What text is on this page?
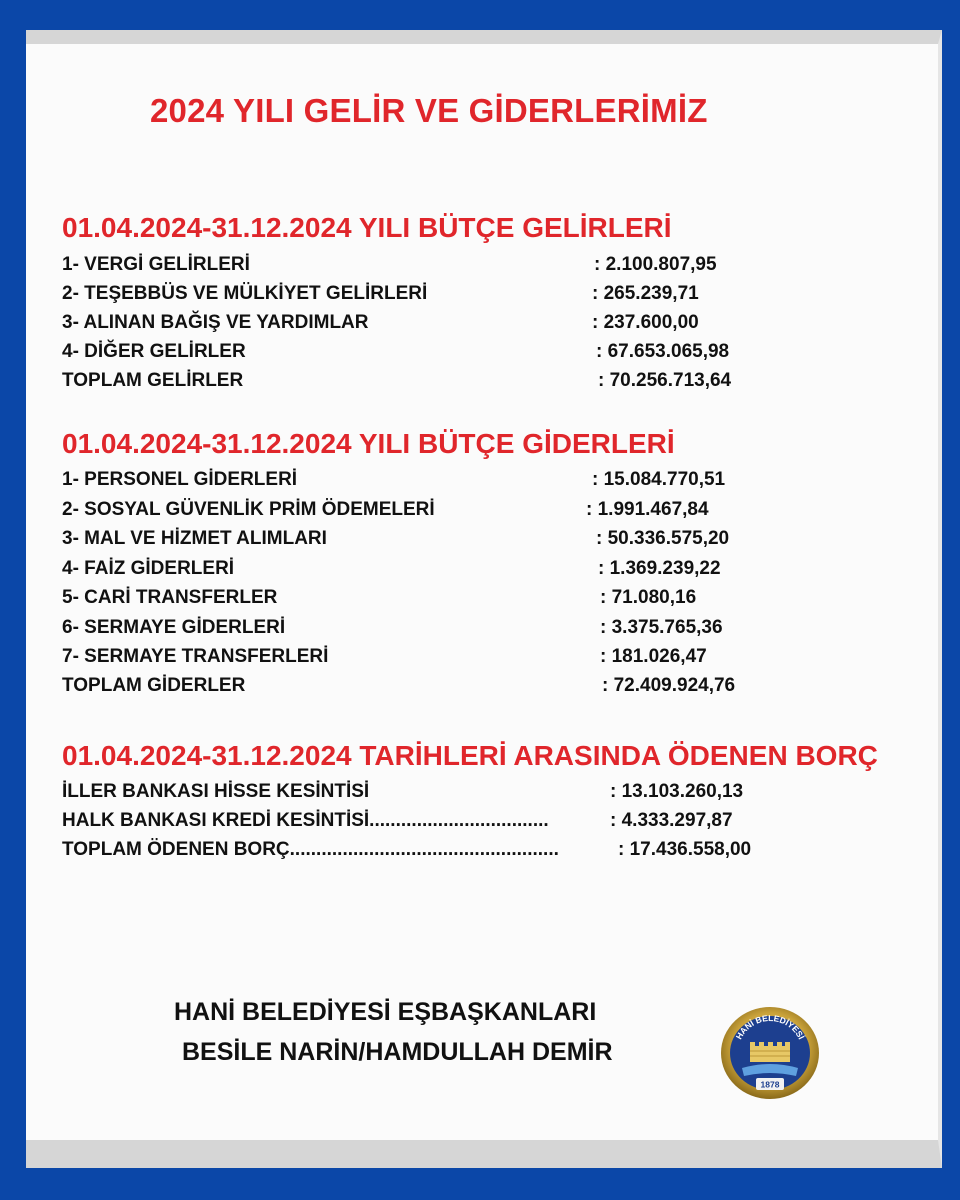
2024 YILI GELİR VE GİDERLERİMİZ
01.04.2024-31.12.2024 YILI BÜTÇE GELİRLERİ
1- VERGİ GELİRLERİ	: 2.100.807,95
2- TEŞEBBÜS VE MÜLKİYET GELİRLERİ	: 265.239,71
3- ALINAN BAĞIŞ VE YARDIMLAR	: 237.600,00
4- DİĞER GELİRLER	: 67.653.065,98
TOPLAM GELİRLER	: 70.256.713,64
01.04.2024-31.12.2024 YILI BÜTÇE GİDERLERİ
1- PERSONEL GİDERLERİ	: 15.084.770,51
2- SOSYAL GÜVENLİK PRİM ÖDEMELERİ	: 1.991.467,84
3- MAL VE HİZMET ALIMLARI	: 50.336.575,20
4- FAİZ GİDERLERİ	: 1.369.239,22
5- CARİ TRANSFERLER	: 71.080,16
6- SERMAYE GİDERLERİ	: 3.375.765,36
7- SERMAYE TRANSFERLERİ	: 181.026,47
TOPLAM GİDERLER	: 72.409.924,76
01.04.2024-31.12.2024 TARİHLERİ ARASINDA ÖDENEN BORÇ
İLLER BANKASI HİSSE KESİNTİSİ	: 13.103.260,13
HALK BANKASI KREDİ KESİNTİSİ..................................	: 4.333.297,87
TOPLAM ÖDENEN BORÇ...................................................	: 17.436.558,00
HANİ BELEDİYESİ EŞBAŞKANLARI
BESİLE NARİN/HAMDULLAH DEMİR
HANİ BELEDİYESİ
1878
